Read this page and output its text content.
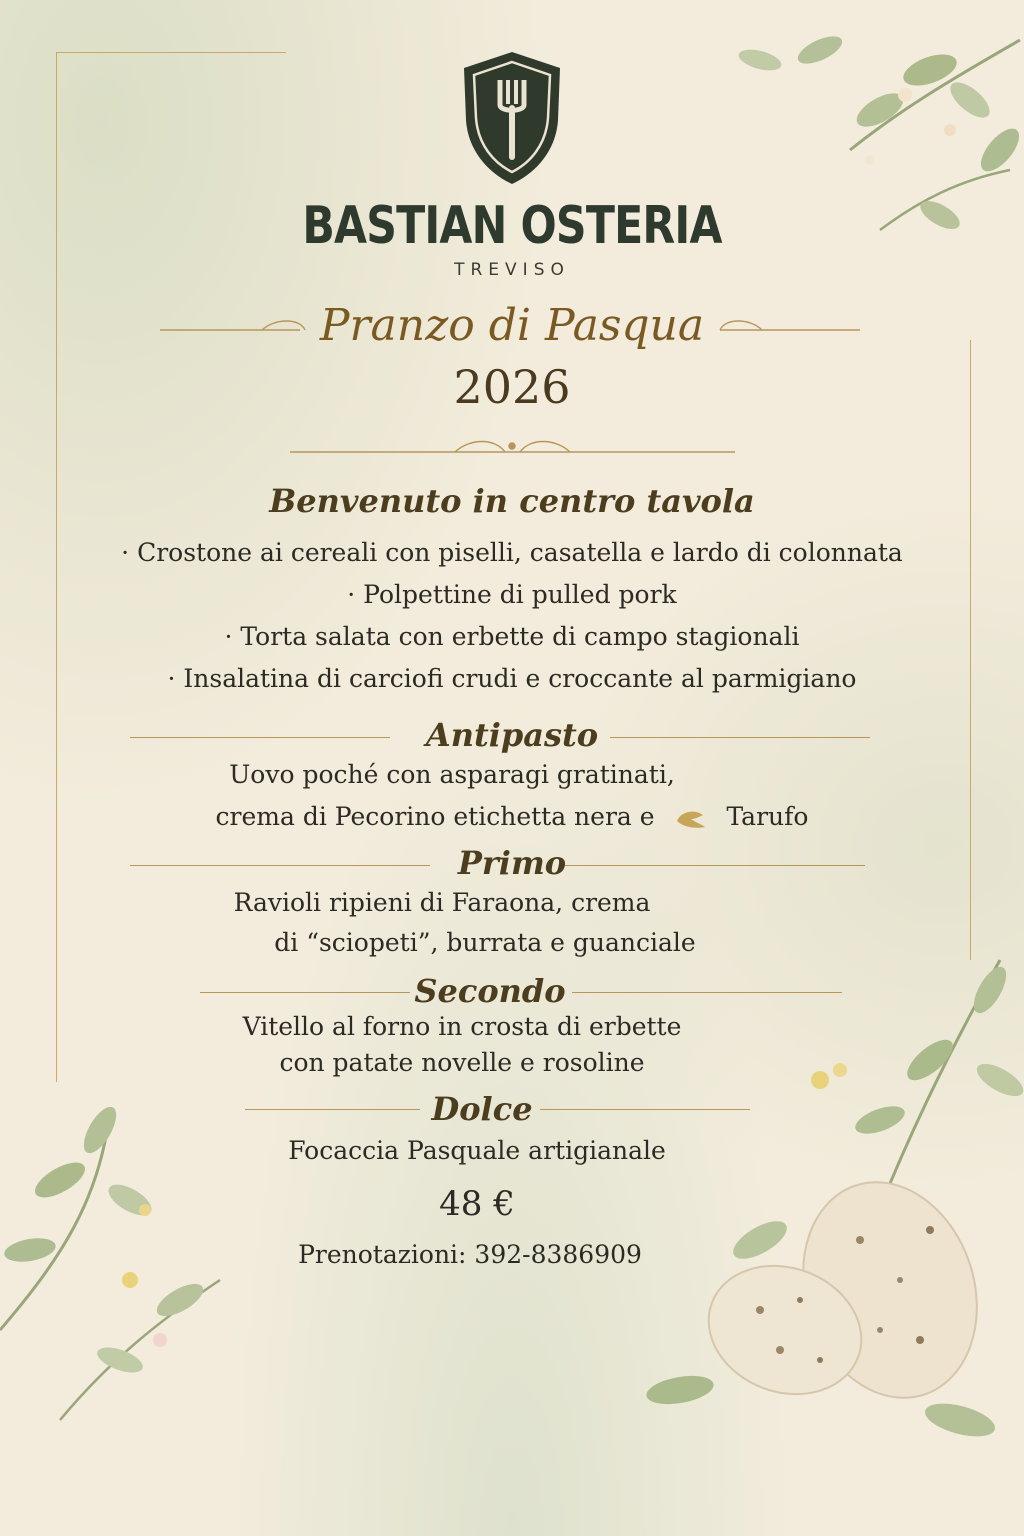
BASTIAN OSTERIA
TREVISO
Pranzo di Pasqua
2026
Benvenuto in centro tavola
· Crostone ai cereali con piselli, casatella e lardo di colonnata
· Polpettine di pulled pork
· Torta salata con erbette di campo stagionali
· Insalatina di carciofi crudi e croccante al parmigiano
Antipasto
Uovo poché con asparagi gratinati,
crema di Pecorino etichetta nera e	Tarufo
Primo
Ravioli ripieni di Faraona, crema
di “sciopeti”, burrata e guanciale
Secondo
Vitello al forno in crosta di erbette
con patate novelle e rosoline
Dolce
Focaccia Pasquale artigianale
48 €
Prenotazioni: 392-8386909
